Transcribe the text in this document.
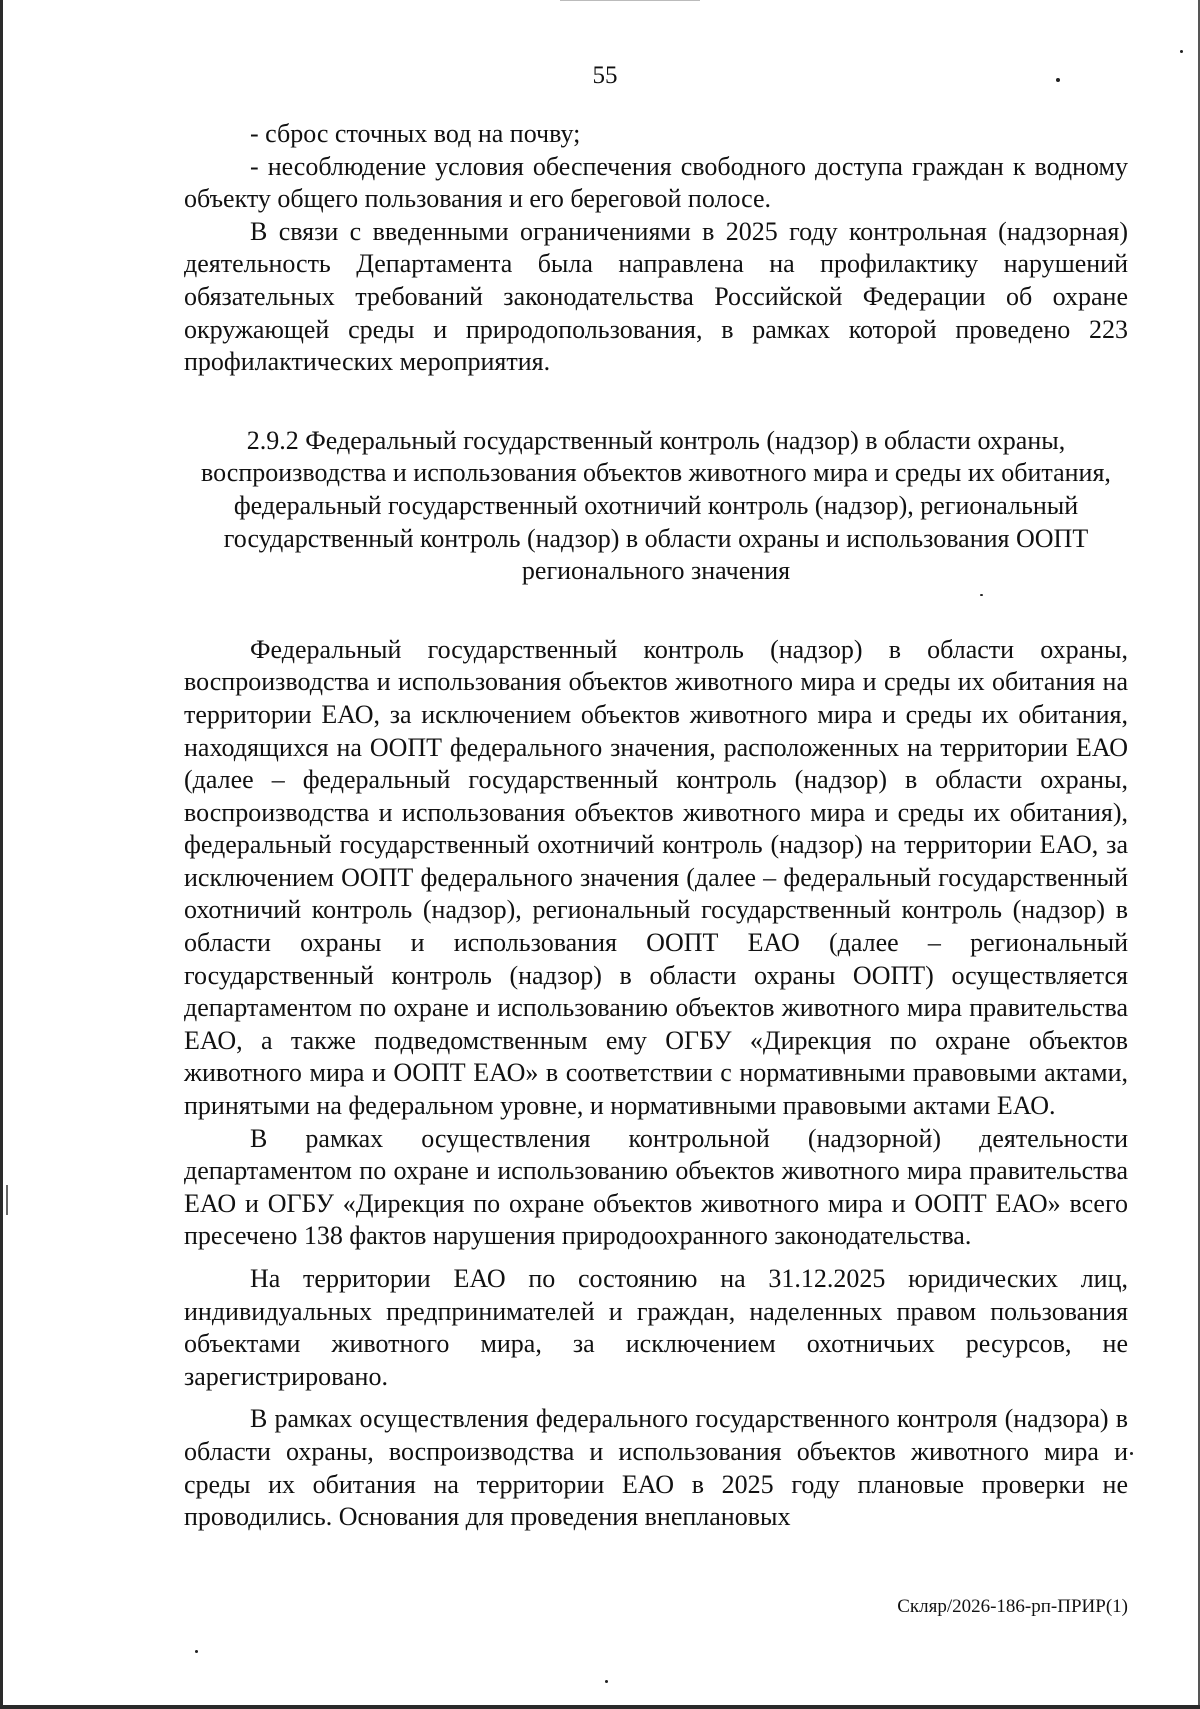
55

- сброс сточных вод на почву;

- несоблюдение условия обеспечения свободного доступа граждан к водному объекту общего пользования и его береговой полосе.

В связи с введенными ограничениями в 2025 году контрольная (надзорная) деятельность Департамента была направлена на профилактику нарушений обязательных требований законодательства Российской Федерации об охране окружающей среды и природопользования, в рамках которой проведено 223 профилактических мероприятия.

2.9.2 Федеральный государственный контроль (надзор) в области охраны, воспроизводства и использования объектов животного мира и среды их обитания, федеральный государственный охотничий контроль (надзор), региональный государственный контроль (надзор) в области охраны и использования ООПТ регионального значения

Федеральный государственный контроль (надзор) в области охраны, воспроизводства и использования объектов животного мира и среды их обитания на территории ЕАО, за исключением объектов животного мира и среды их обитания, находящихся на ООПТ федерального значения, расположенных на территории ЕАО (далее – федеральный государственный контроль (надзор) в области охраны, воспроизводства и использования объектов животного мира и среды их обитания), федеральный государственный охотничий контроль (надзор) на территории ЕАО, за исключением ООПТ федерального значения (далее – федеральный государственный охотничий контроль (надзор), региональный государственный контроль (надзор) в области охраны и использования ООПТ ЕАО (далее – региональный государственный контроль (надзор) в области охраны ООПТ) осуществляется департаментом по охране и использованию объектов животного мира правительства ЕАО, а также подведомственным ему ОГБУ «Дирекция по охране объектов животного мира и ООПТ ЕАО» в соответствии с нормативными правовыми актами, принятыми на федеральном уровне, и нормативными правовыми актами ЕАО.

В рамках осуществления контрольной (надзорной) деятельности департаментом по охране и использованию объектов животного мира правительства ЕАО и ОГБУ «Дирекция по охране объектов животного мира и ООПТ ЕАО» всего пресечено 138 фактов нарушения природоохранного законодательства.

На территории ЕАО по состоянию на 31.12.2025 юридических лиц, индивидуальных предпринимателей и граждан, наделенных правом пользования объектами животного мира, за исключением охотничьих ресурсов, не зарегистрировано.

В рамках осуществления федерального государственного контроля (надзора) в области охраны, воспроизводства и использования объектов животного мира и среды их обитания на территории ЕАО в 2025 году плановые проверки не проводились. Основания для проведения внеплановых

Скляр/2026-186-рп-ПРИР(1)
